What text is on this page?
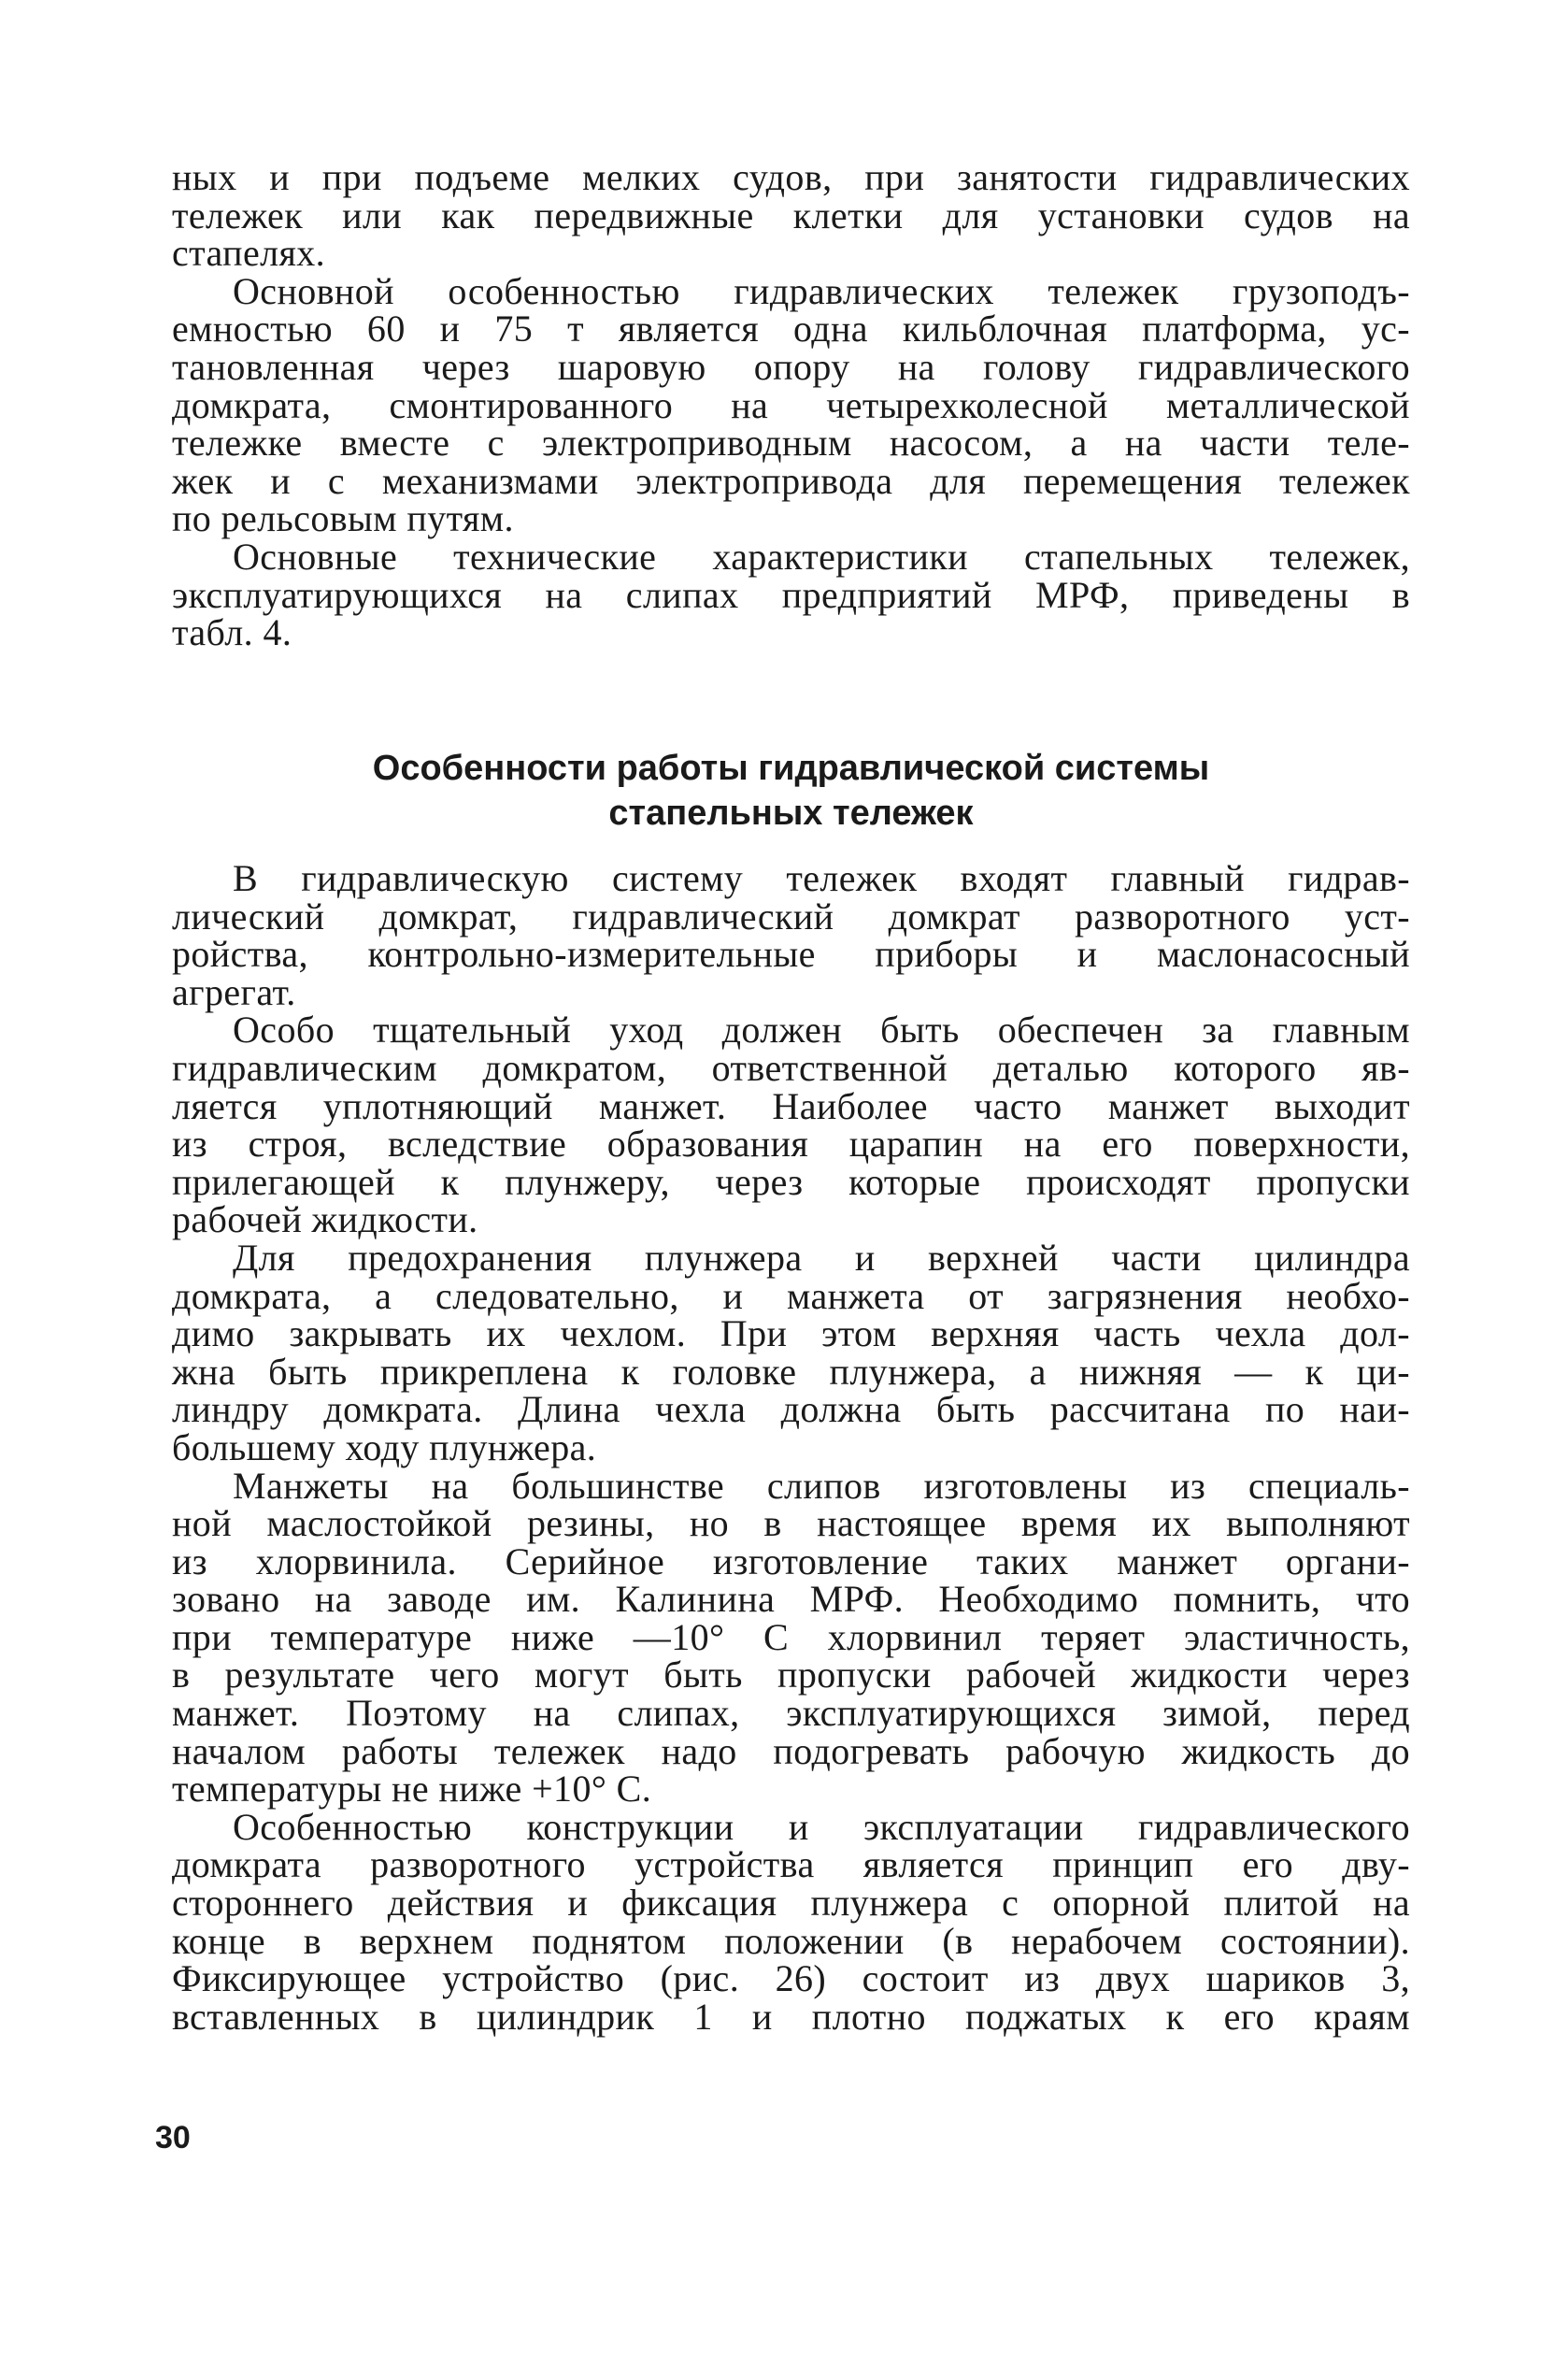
ных и при подъеме мелких судов, при занятости гидравлических
тележек или как передвижные клетки для установки судов на
стапелях.
Основной особенностью гидравлических тележек грузоподъ-
емностью 60 и 75 т является одна кильблочная платформа, ус-
тановленная через шаровую опору на голову гидравлического
домкрата, смонтированного на четырехколесной металлической
тележке вместе с электроприводным насосом, а на части теле-
жек и с механизмами электропривода для перемещения тележек
по рельсовым путям.
Основные технические характеристики стапельных тележек,
эксплуатирующихся на слипах предприятий МРФ, приведены в
табл. 4.
Особенности работы гидравлической системы
стапельных тележек
В гидравлическую систему тележек входят главный гидрав-
лический домкрат, гидравлический домкрат разворотного уст-
ройства, контрольно-измерительные приборы и маслонасосный
агрегат.
Особо тщательный уход должен быть обеспечен за главным
гидравлическим домкратом, ответственной деталью которого яв-
ляется уплотняющий манжет. Наиболее часто манжет выходит
из строя, вследствие образования царапин на его поверхности,
прилегающей к плунжеру, через которые происходят пропуски
рабочей жидкости.
Для предохранения плунжера и верхней части цилиндра
домкрата, а следовательно, и манжета от загрязнения необхо-
димо закрывать их чехлом. При этом верхняя часть чехла дол-
жна быть прикреплена к головке плунжера, а нижняя — к ци-
линдру домкрата. Длина чехла должна быть рассчитана по наи-
большему ходу плунжера.
Манжеты на большинстве слипов изготовлены из специаль-
ной маслостойкой резины, но в настоящее время их выполняют
из хлорвинила. Серийное изготовление таких манжет органи-
зовано на заводе им. Калинина МРФ. Необходимо помнить, что
при температуре ниже —10° С хлорвинил теряет эластичность,
в результате чего могут быть пропуски рабочей жидкости через
манжет. Поэтому на слипах, эксплуатирующихся зимой, перед
началом работы тележек надо подогревать рабочую жидкость до
температуры не ниже +10° С.
Особенностью конструкции и эксплуатации гидравлического
домкрата разворотного устройства является принцип его дву-
стороннего действия и фиксация плунжера с опорной плитой на
конце в верхнем поднятом положении (в нерабочем состоянии).
Фиксирующее устройство (рис. 26) состоит из двух шариков 3,
вставленных в цилиндрик 1 и плотно поджатых к его краям
30
